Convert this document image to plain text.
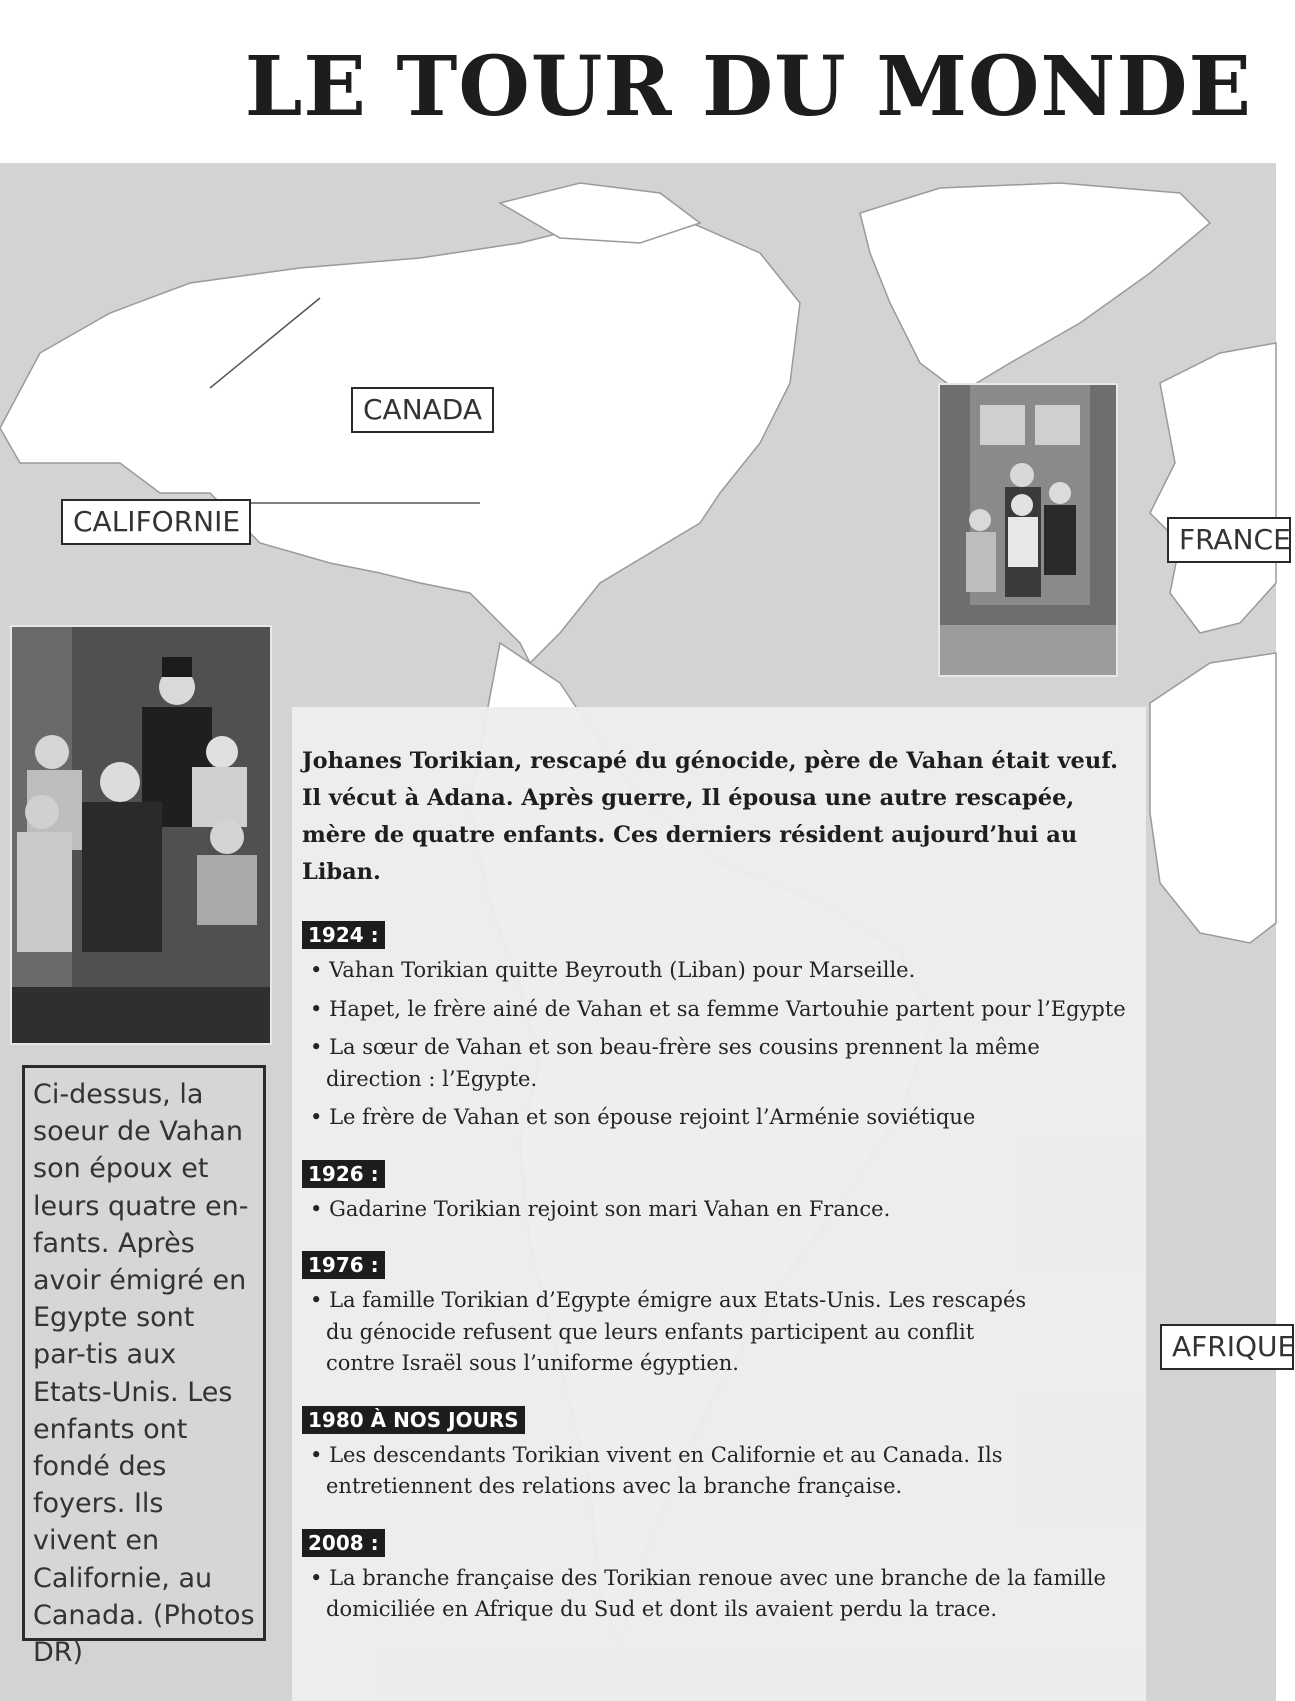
LE TOUR DU MONDE
CANADA
CALIFORNIE
FRANCE
AFRIQUE
Ci-dessus, la soeur de Vahan son époux et leurs quatre en-fants. Après avoir émigré en Egypte sont par-tis aux Etats-Unis. Les enfants ont fondé des foyers. Ils vivent en Californie, au Canada. (Photos DR)
Johanes Torikian, rescapé du génocide, père de Vahan était veuf. Il vécut à Adana. Après guerre, Il épousa une autre rescapée, mère de quatre enfants. Ces derniers résident aujourd’hui au Liban.
1924 :
• Vahan Torikian quitte Beyrouth (Liban) pour Marseille.
• Hapet, le frère ainé de Vahan et sa femme Vartouhie partent pour l’Egypte
• La sœur de Vahan et son beau-frère ses cousins prennent la même direction : l’Egypte.
• Le frère de Vahan et son épouse rejoint l’Arménie soviétique
1926 :
• Gadarine Torikian rejoint son mari Vahan en France.
1976 :
• La famille Torikian d’Egypte émigre aux Etats-Unis. Les rescapés du génocide refusent que leurs enfants participent au conflit contre Israël sous l’uniforme égyptien.
1980 À NOS JOURS
• Les descendants Torikian vivent en Californie et au Canada. Ils entretiennent des relations avec la branche française.
2008 :
• La branche française des Torikian renoue avec une branche de la famille domiciliée en Afrique du Sud et dont ils avaient perdu la trace.
